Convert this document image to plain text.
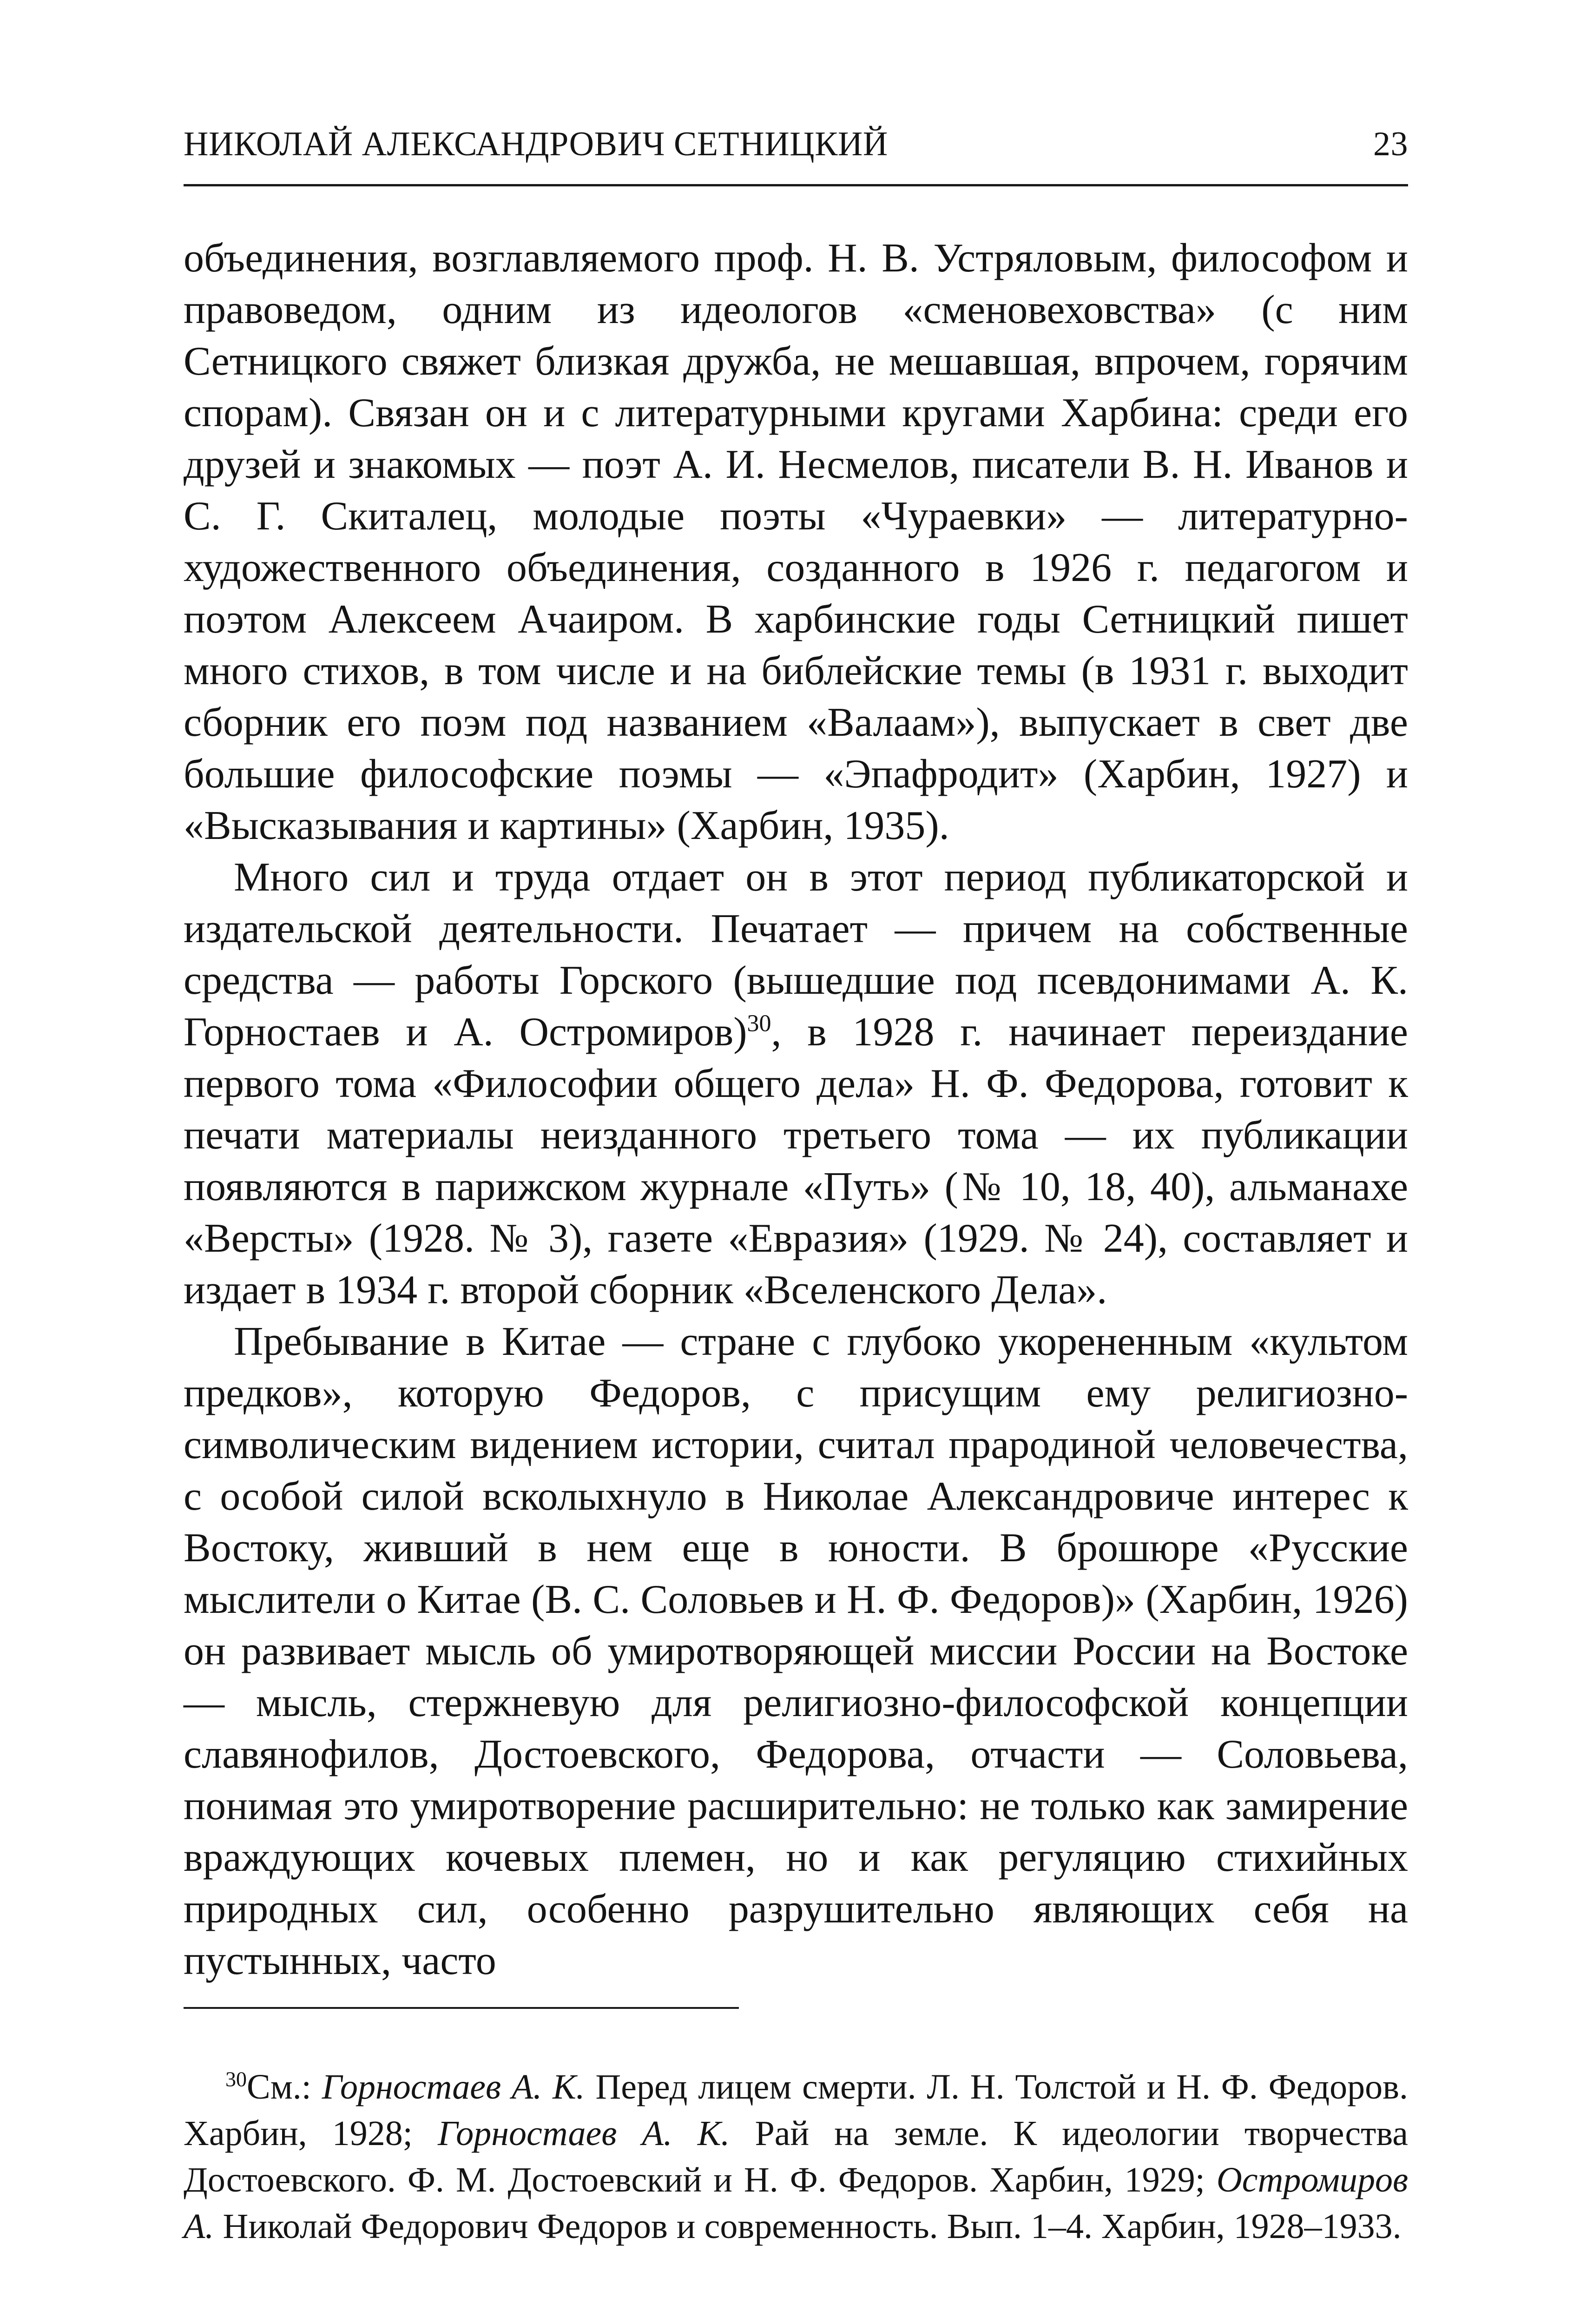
НИКОЛАЙ АЛЕКСАНДРОВИЧ СЕТНИЦКИЙ	23

объединения, возглавляемого проф. Н. В. Устряловым, философом и правоведом, одним из идеологов «сменовеховства» (с ним Сетницкого свяжет близкая дружба, не мешавшая, впрочем, горячим спорам). Связан он и с литературными кругами Харбина: среди его друзей и знакомых — поэт А. И. Несмелов, писатели В. Н. Иванов и С. Г. Скиталец, молодые поэты «Чураевки» — литературно-художественного объединения, созданного в 1926 г. педагогом и поэтом Алексеем Ачаиром. В харбинские годы Сетницкий пишет много стихов, в том числе и на библейские темы (в 1931 г. выходит сборник его поэм под названием «Валаам»), выпускает в свет две большие философские поэмы — «Эпафродит» (Харбин, 1927) и «Высказывания и картины» (Харбин, 1935).

Много сил и труда отдает он в этот период публикаторской и издательской деятельности. Печатает — причем на собственные средства — работы Горского (вышедшие под псевдонимами А. К. Горностаев и А. Остромиров)$^{30}$, в 1928 г. начинает переиздание первого тома «Философии общего дела» Н. Ф. Федорова, готовит к печати материалы неизданного третьего тома — их публикации появляются в парижском журнале «Путь» (№ 10, 18, 40), альманахе «Версты» (1928. № 3), газете «Евразия» (1929. № 24), составляет и издает в 1934 г. второй сборник «Вселенского Дела».

Пребывание в Китае — стране с глубоко укорененным «культом предков», которую Федоров, с присущим ему религиозно-символическим видением истории, считал прародиной человечества, с особой силой всколыхнуло в Николае Александровиче интерес к Востоку, живший в нем еще в юности. В брошюре «Русские мыслители о Китае (В. С. Соловьев и Н. Ф. Федоров)» (Харбин, 1926) он развивает мысль об умиротворяющей миссии России на Востоке — мысль, стержневую для религиозно-философской концепции славянофилов, Достоевского, Федорова, отчасти — Соловьева, понимая это умиротворение расширительно: не только как замирение враждующих кочевых племен, но и как регуляцию стихийных природных сил, особенно разрушительно являющих себя на пустынных, часто

$^{30}$См.: Горностаев А. К. Перед лицем смерти. Л. Н. Толстой и Н. Ф. Федоров. Харбин, 1928; Горностаев А. К. Рай на земле. К идеологии творчества Достоевского. Ф. М. Достоевский и Н. Ф. Федоров. Харбин, 1929; Остромиров А. Николай Федорович Федоров и современность. Вып. 1–4. Харбин, 1928–1933.
